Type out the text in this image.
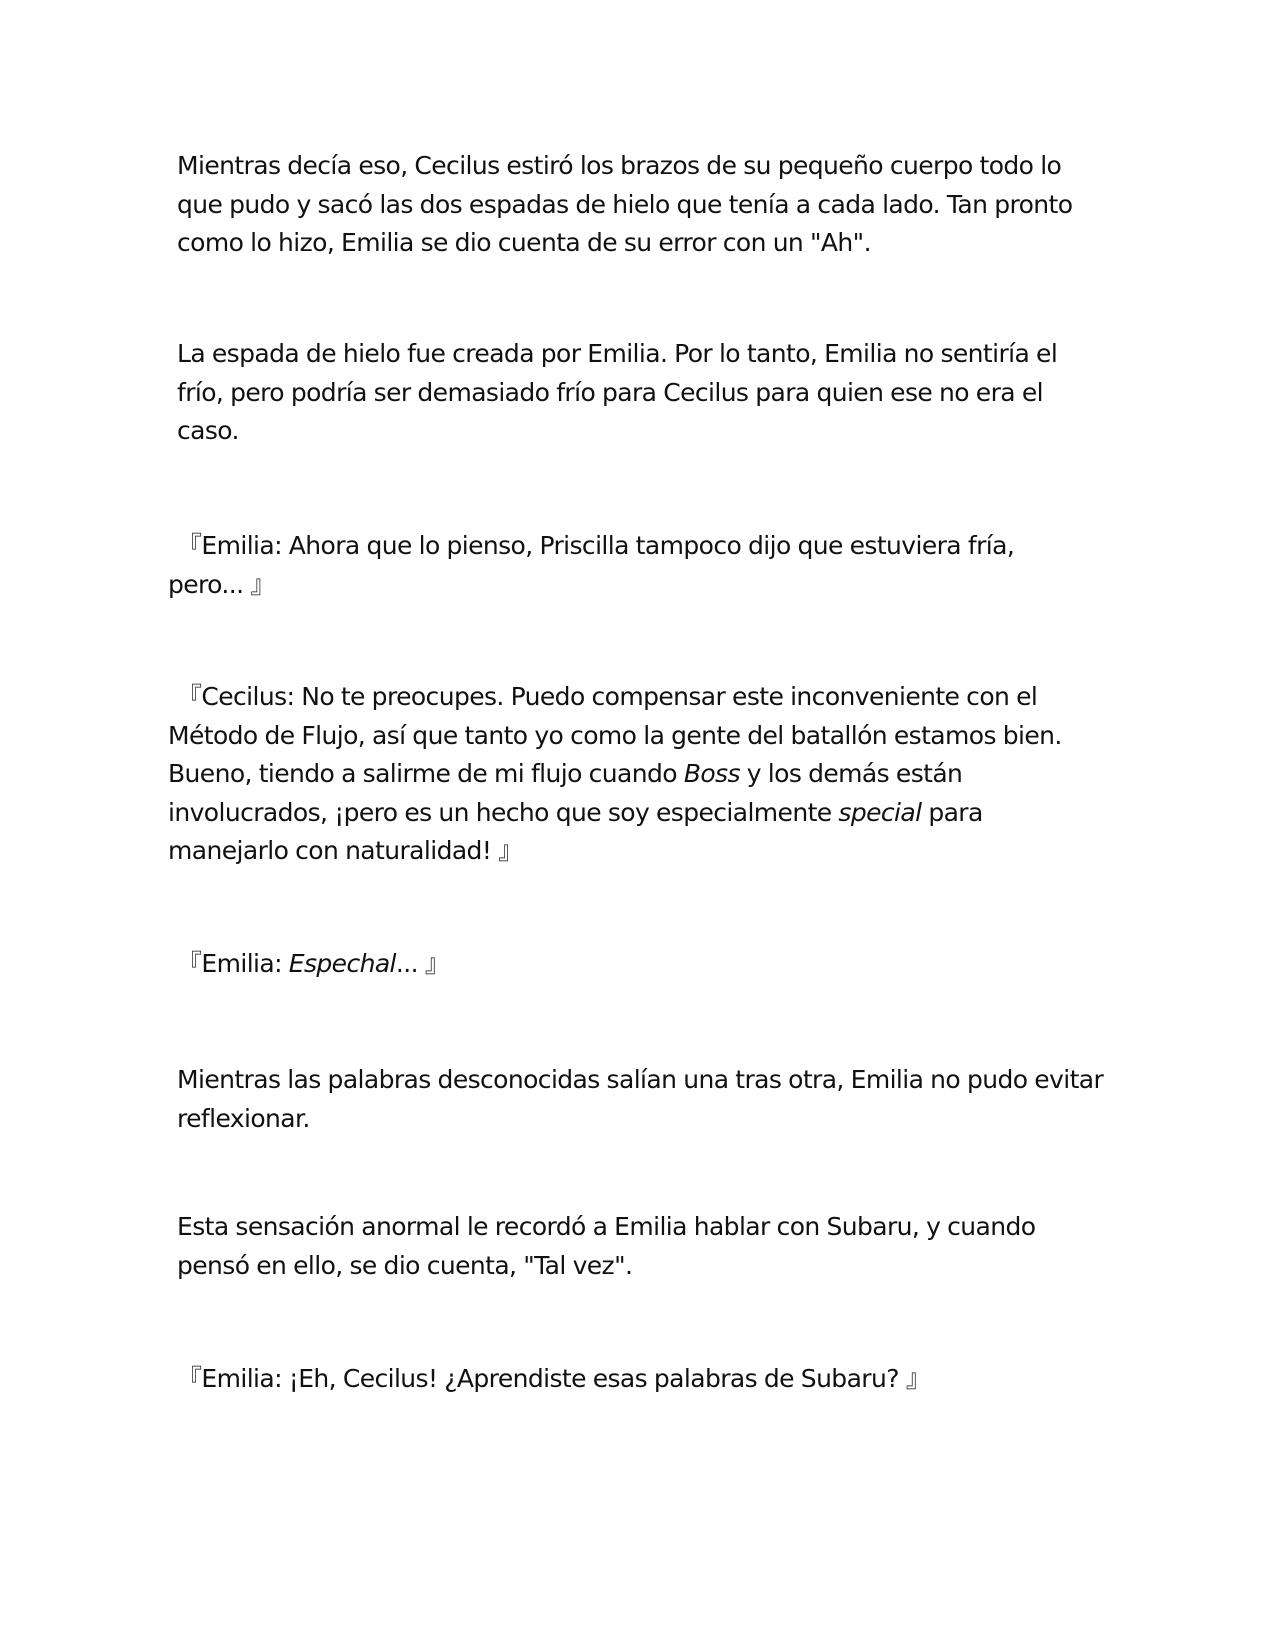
Mientras decía eso, Cecilus estiró los brazos de su pequeño cuerpo todo lo
que pudo y sacó las dos espadas de hielo que tenía a cada lado. Tan pronto
como lo hizo, Emilia se dio cuenta de su error con un "Ah".

La espada de hielo fue creada por Emilia. Por lo tanto, Emilia no sentiría el
frío, pero podría ser demasiado frío para Cecilus para quien ese no era el
caso.

『Emilia: Ahora que lo pienso, Priscilla tampoco dijo que estuviera fría,
pero... 』

『Cecilus: No te preocupes. Puedo compensar este inconveniente con el
Método de Flujo, así que tanto yo como la gente del batallón estamos bien.
Bueno, tiendo a salirme de mi flujo cuando Boss y los demás están
involucrados, ¡pero es un hecho que soy especialmente special para
manejarlo con naturalidad! 』

『Emilia: Espechal... 』

Mientras las palabras desconocidas salían una tras otra, Emilia no pudo evitar
reflexionar.

Esta sensación anormal le recordó a Emilia hablar con Subaru, y cuando
pensó en ello, se dio cuenta, "Tal vez".

『Emilia: ¡Eh, Cecilus! ¿Aprendiste esas palabras de Subaru? 』
